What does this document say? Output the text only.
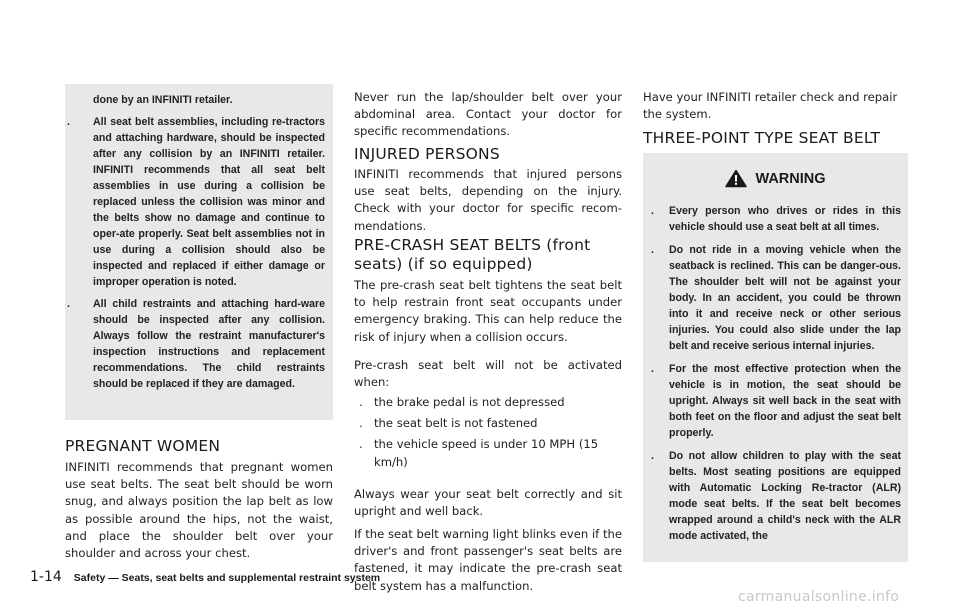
done by an INFINITI retailer.

. All seat belt assemblies, including re-tractors and attaching hardware, should be inspected after any collision by an INFINITI retailer. INFINITI recommends that all seat belt assemblies in use during a collision be replaced unless the collision was minor and the belts show no damage and continue to oper-ate properly. Seat belt assemblies not in use during a collision should also be inspected and replaced if either damage or improper operation is noted.

. All child restraints and attaching hard-ware should be inspected after any collision. Always follow the restraint manufacturer's inspection instructions and replacement recommendations. The child restraints should be replaced if they are damaged.

PREGNANT WOMEN

INFINITI recommends that pregnant women use seat belts. The seat belt should be worn snug, and always position the lap belt as low as possible around the hips, not the waist, and place the shoulder belt over your shoulder and across your chest.

Never run the lap/shoulder belt over your abdominal area. Contact your doctor for specific recommendations.

INJURED PERSONS

INFINITI recommends that injured persons use seat belts, depending on the injury. Check with your doctor for specific recom-mendations.

PRE-CRASH SEAT BELTS (front
seats) (if so equipped)

The pre-crash seat belt tightens the seat belt to help restrain front seat occupants under emergency braking. This can help reduce the risk of injury when a collision occurs.

Pre-crash seat belt will not be activated when:

. the brake pedal is not depressed

. the seat belt is not fastened

. the vehicle speed is under 10 MPH (15 km/h)

Always wear your seat belt correctly and sit upright and well back.

If the seat belt warning light blinks even if the driver's and front passenger's seat belts are fastened, it may indicate the pre-crash seat belt system has a malfunction.

Have your INFINITI retailer check and repair the system.

THREE-POINT TYPE SEAT BELT
WARNING

. Every person who drives or rides in this vehicle should use a seat belt at all times.

. Do not ride in a moving vehicle when the seatback is reclined. This can be danger-ous. The shoulder belt will not be against your body. In an accident, you could be thrown into it and receive neck or other serious injuries. You could also slide under the lap belt and receive serious internal injuries.

. For the most effective protection when the vehicle is in motion, the seat should be upright. Always sit well back in the seat with both feet on the floor and adjust the seat belt properly.

. Do not allow children to play with the seat belts. Most seating positions are equipped with Automatic Locking Re-tractor (ALR) mode seat belts. If the seat belt becomes wrapped around a child's neck with the ALR mode activated, the

1-14 Safety — Seats, seat belts and supplemental restraint system
carmanualsonline.info
